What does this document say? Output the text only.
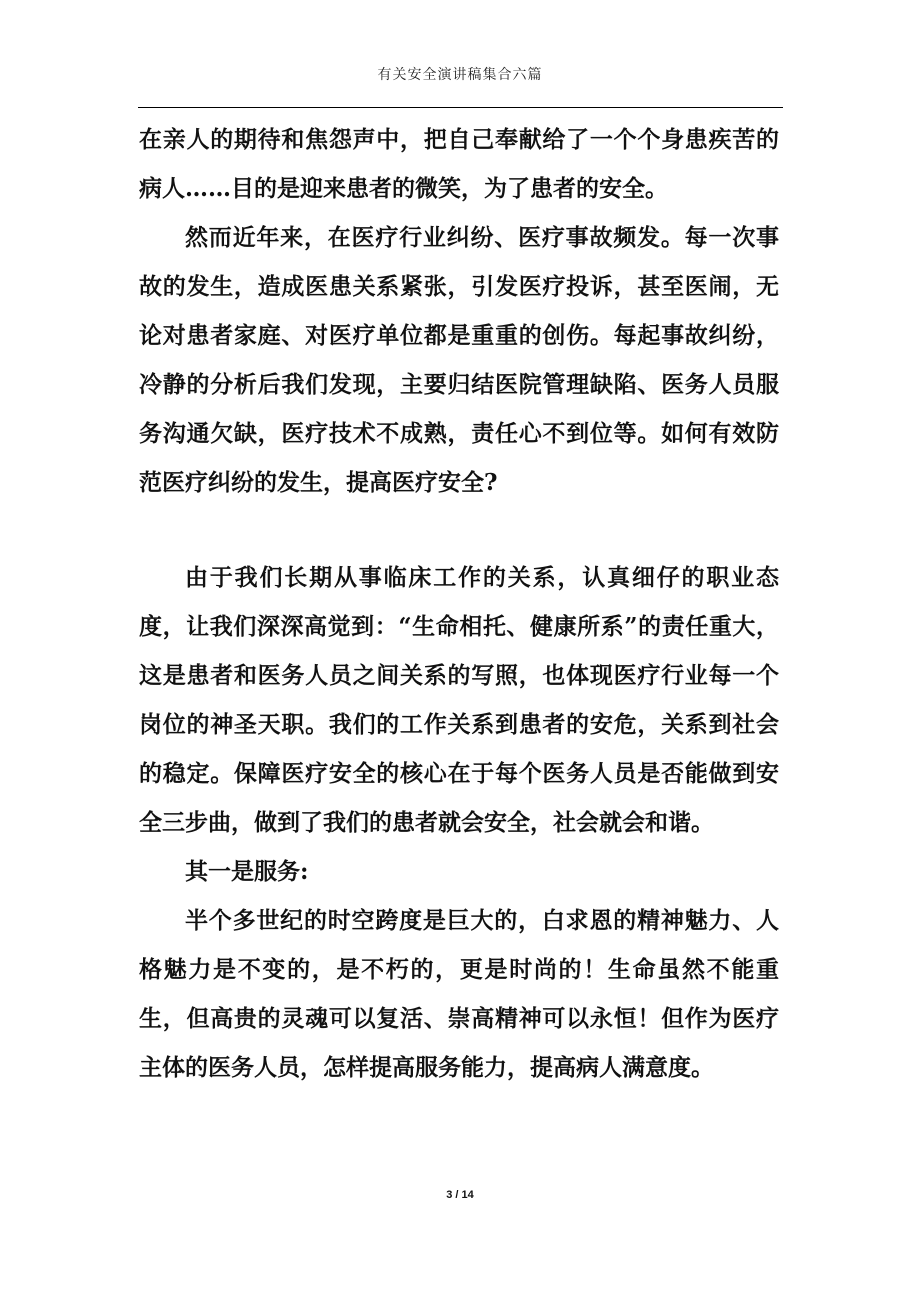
有关安全演讲稿集合六篇

在亲人的期待和焦怨声中，把自己奉献给了一个个身患疾苦的病人……目的是迎来患者的微笑，为了患者的安全。

然而近年来，在医疗行业纠纷、医疗事故频发。每一次事故的发生，造成医患关系紧张，引发医疗投诉，甚至医闹，无论对患者家庭、对医疗单位都是重重的创伤。每起事故纠纷，冷静的分析后我们发现，主要归结医院管理缺陷、医务人员服务沟通欠缺，医疗技术不成熟，责任心不到位等。如何有效防范医疗纠纷的发生，提高医疗安全?

由于我们长期从事临床工作的关系，认真细仔的职业态度，让我们深深高觉到：“生命相托、健康所系”的责任重大，这是患者和医务人员之间关系的写照，也体现医疗行业每一个岗位的神圣天职。我们的工作关系到患者的安危，关系到社会的稳定。保障医疗安全的核心在于每个医务人员是否能做到安全三步曲，做到了我们的患者就会安全，社会就会和谐。

其一是服务:

半个多世纪的时空跨度是巨大的，白求恩的精神魅力、人格魅力是不变的，是不朽的，更是时尚的！生命虽然不能重生，但高贵的灵魂可以复活、崇高精神可以永恒！但作为医疗主体的医务人员，怎样提高服务能力，提高病人满意度。

3 / 14
